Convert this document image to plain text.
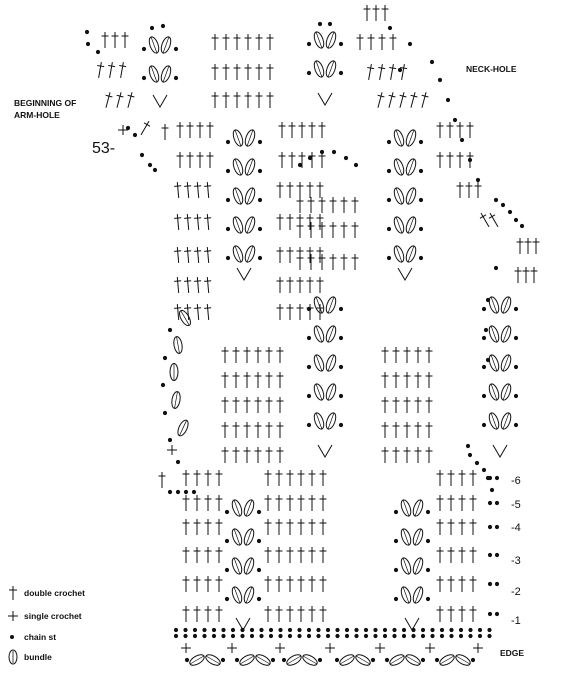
BEGINNING OF
ARM-HOLE
NECK-HOLE
53-
EDGE
-1
-2
-3
-4
-5
-6
double crochet
single crochet
chain st
bundle
